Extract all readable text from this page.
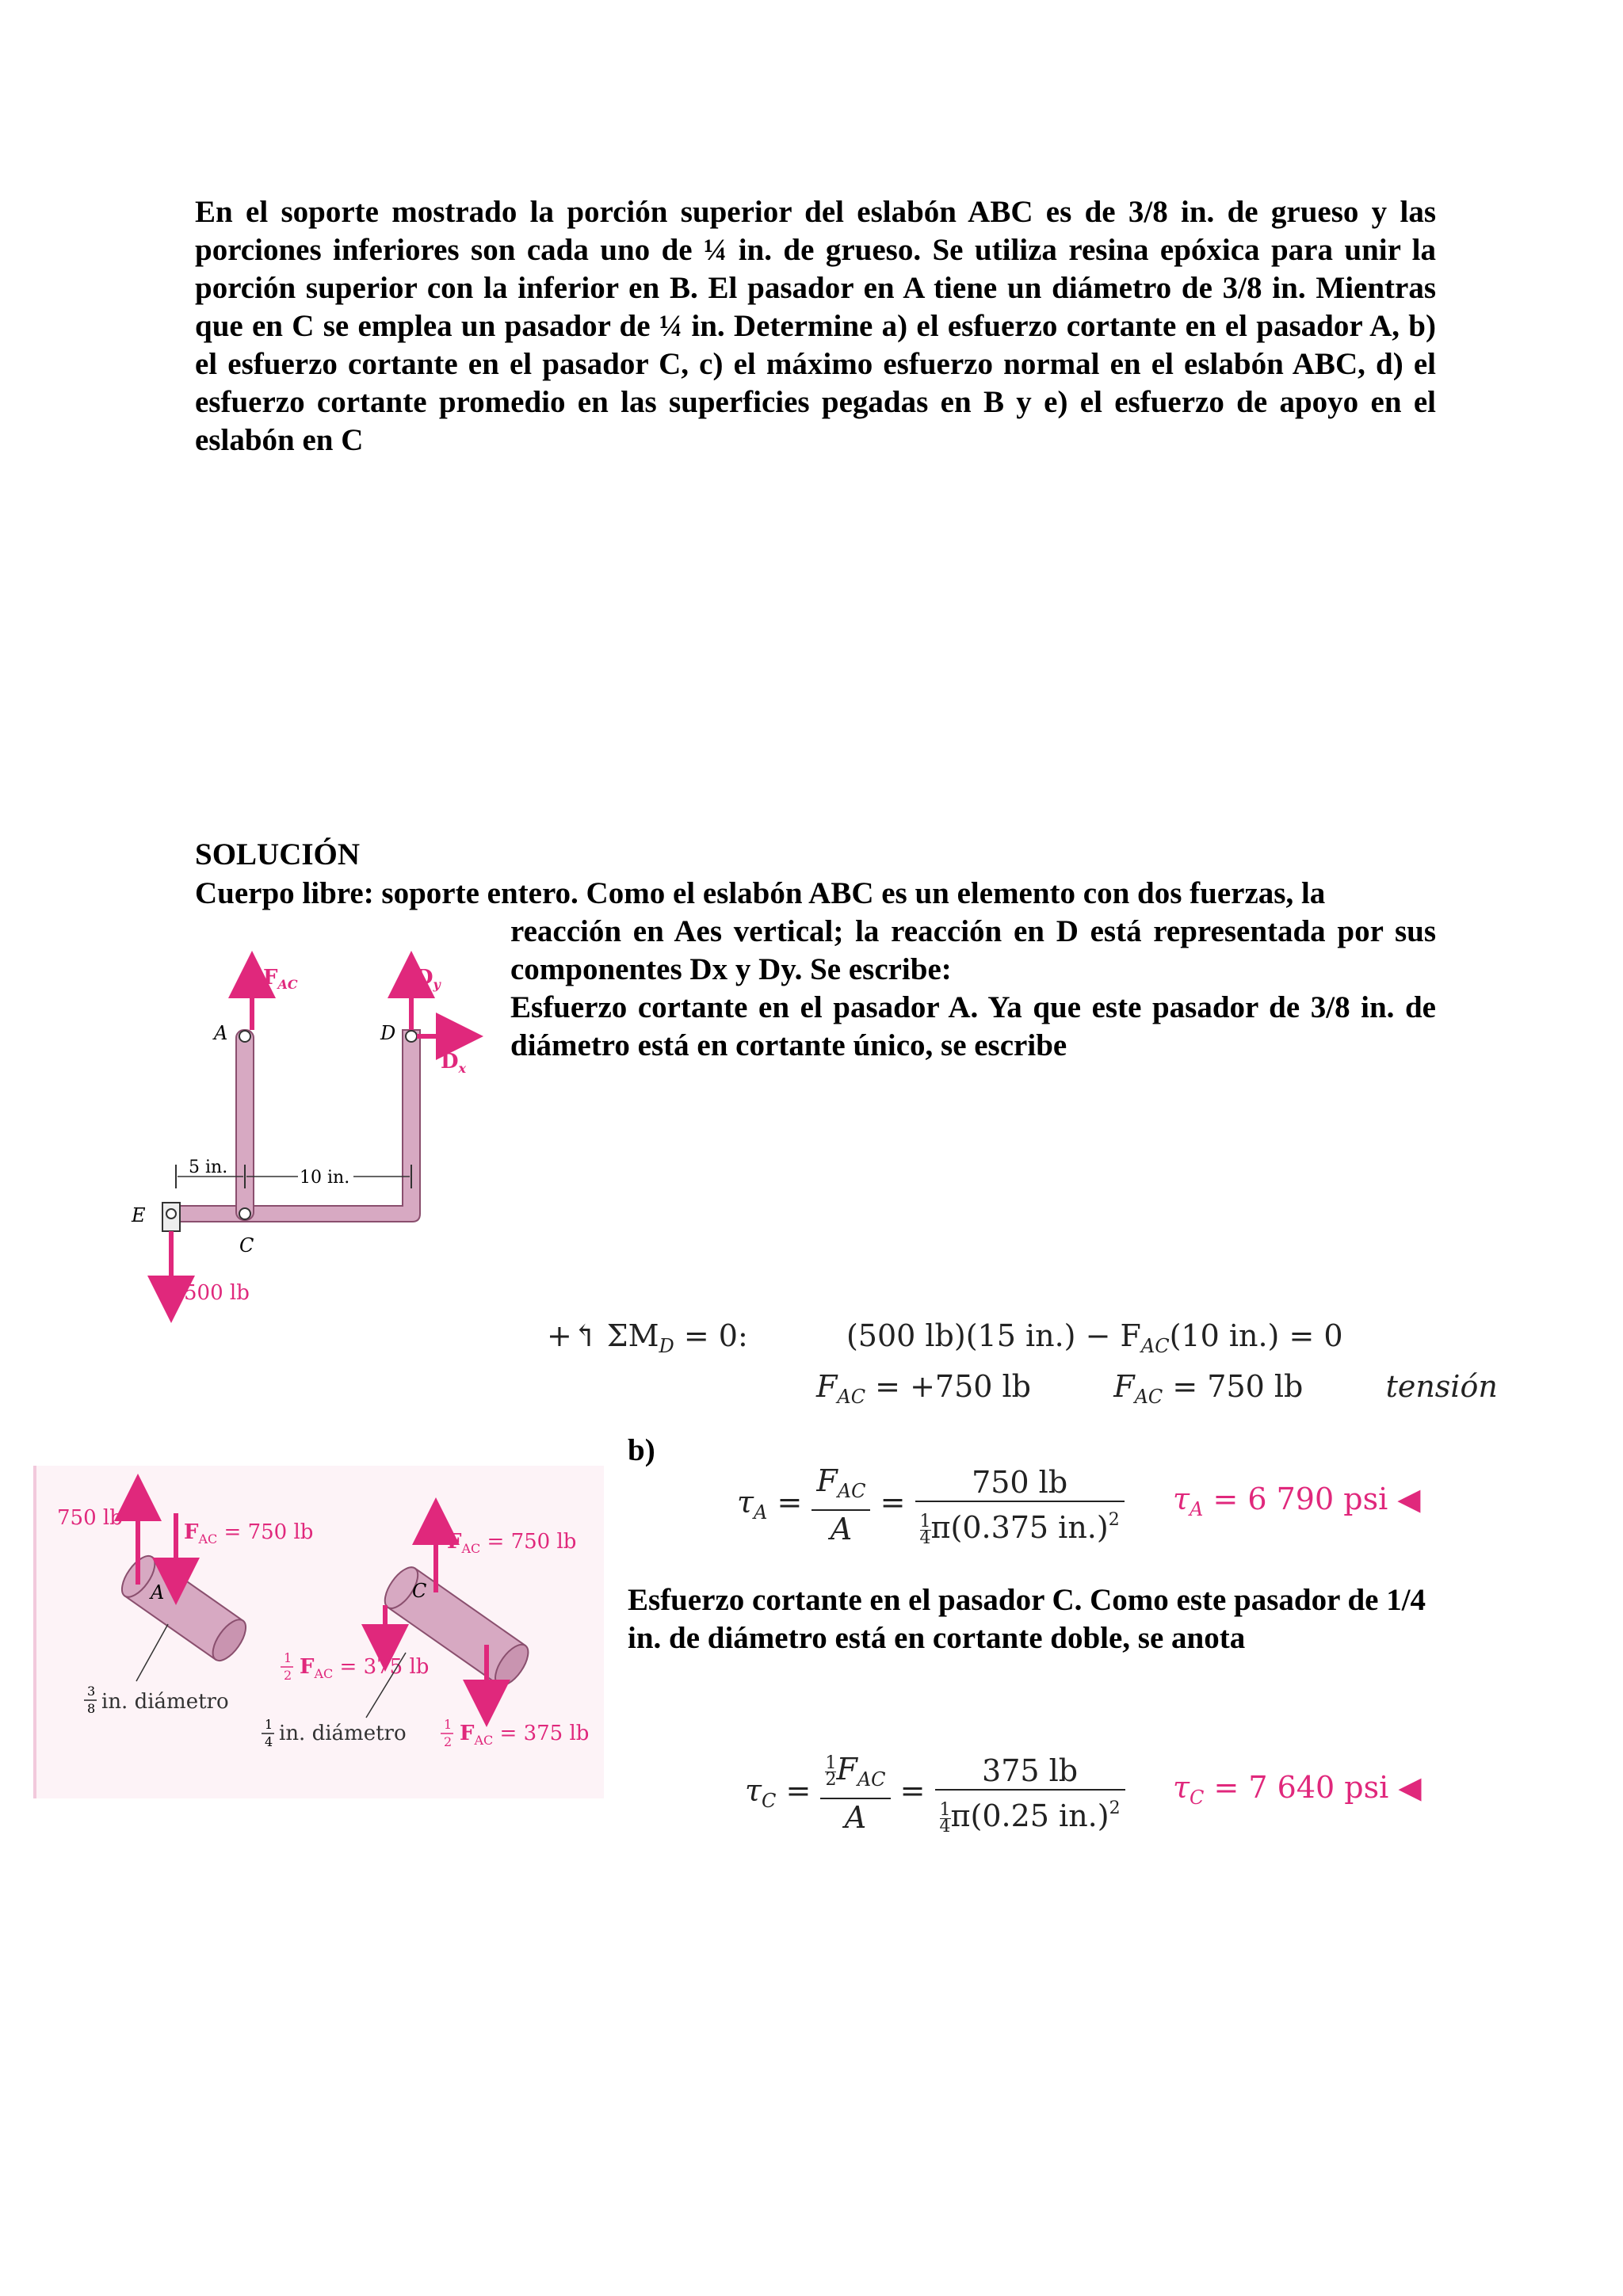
En el soporte mostrado la porción superior del eslabón ABC es de 3/8 in. de grueso y las porciones inferiores son cada uno de ¼ in. de grueso. Se utiliza resina epóxica para unir la porción superior con la inferior en B. El pasador en A tiene un diámetro de 3/8 in. Mientras que en C se emplea un pasador de ¼ in. Determine a) el esfuerzo cortante en el pasador A, b) el esfuerzo cortante en el pasador C, c) el máximo esfuerzo normal en el eslabón ABC, d) el esfuerzo cortante promedio en las superficies pegadas en B y e) el esfuerzo de apoyo en el eslabón en C
SOLUCIÓN
Cuerpo libre: soporte entero. Como el eslabón ABC es un elemento con dos fuerzas, la

reacción en Aes vertical; la reacción en D está representada por sus componentes Dx y Dy. Se escribe:

Esfuerzo cortante en el pasador A. Ya que este pasador de 3/8 in. de diámetro está en cortante único, se escribe

A	D
E
C
$F_{AC}$	$D_y$
$D_x$
5 in.
10 in.
500 lb
+↰ $\Sigma M_D = 0$:	(500 lb)(15 $in.) - F_{AC}(10$ in.) = 0
$F_{AC} = +750$ lb	$F_{AC} = 750$ lb	tensión
b)
A
750 lb
$F_{AC} = 750$ lb
3 8 in. diámetro
C
$F_{AC} = 750$ lb
$F_{AC} = 375$ lb
1 2
$F_{AC} = 375$ lb
1 2
1 4 in. diámetro
$\tau_A = \frac{F_{AC}}{A} = \frac{750 lb}{\frac{1}{4} \pi(0.375 in.)^2} \tau_A = 6$ 790 psi ◀
Esfuerzo cortante en el pasador C. Como este pasador de 1/4 in. de diámetro está en cortante doble, se anota
$\tau_C = \frac{\frac{1}{2} F_{AC}}{A} = \frac{375 lb}{\frac{1}{4} \pi(0.25 in.)^2} \tau_C = 7$ 640 psi ◀
